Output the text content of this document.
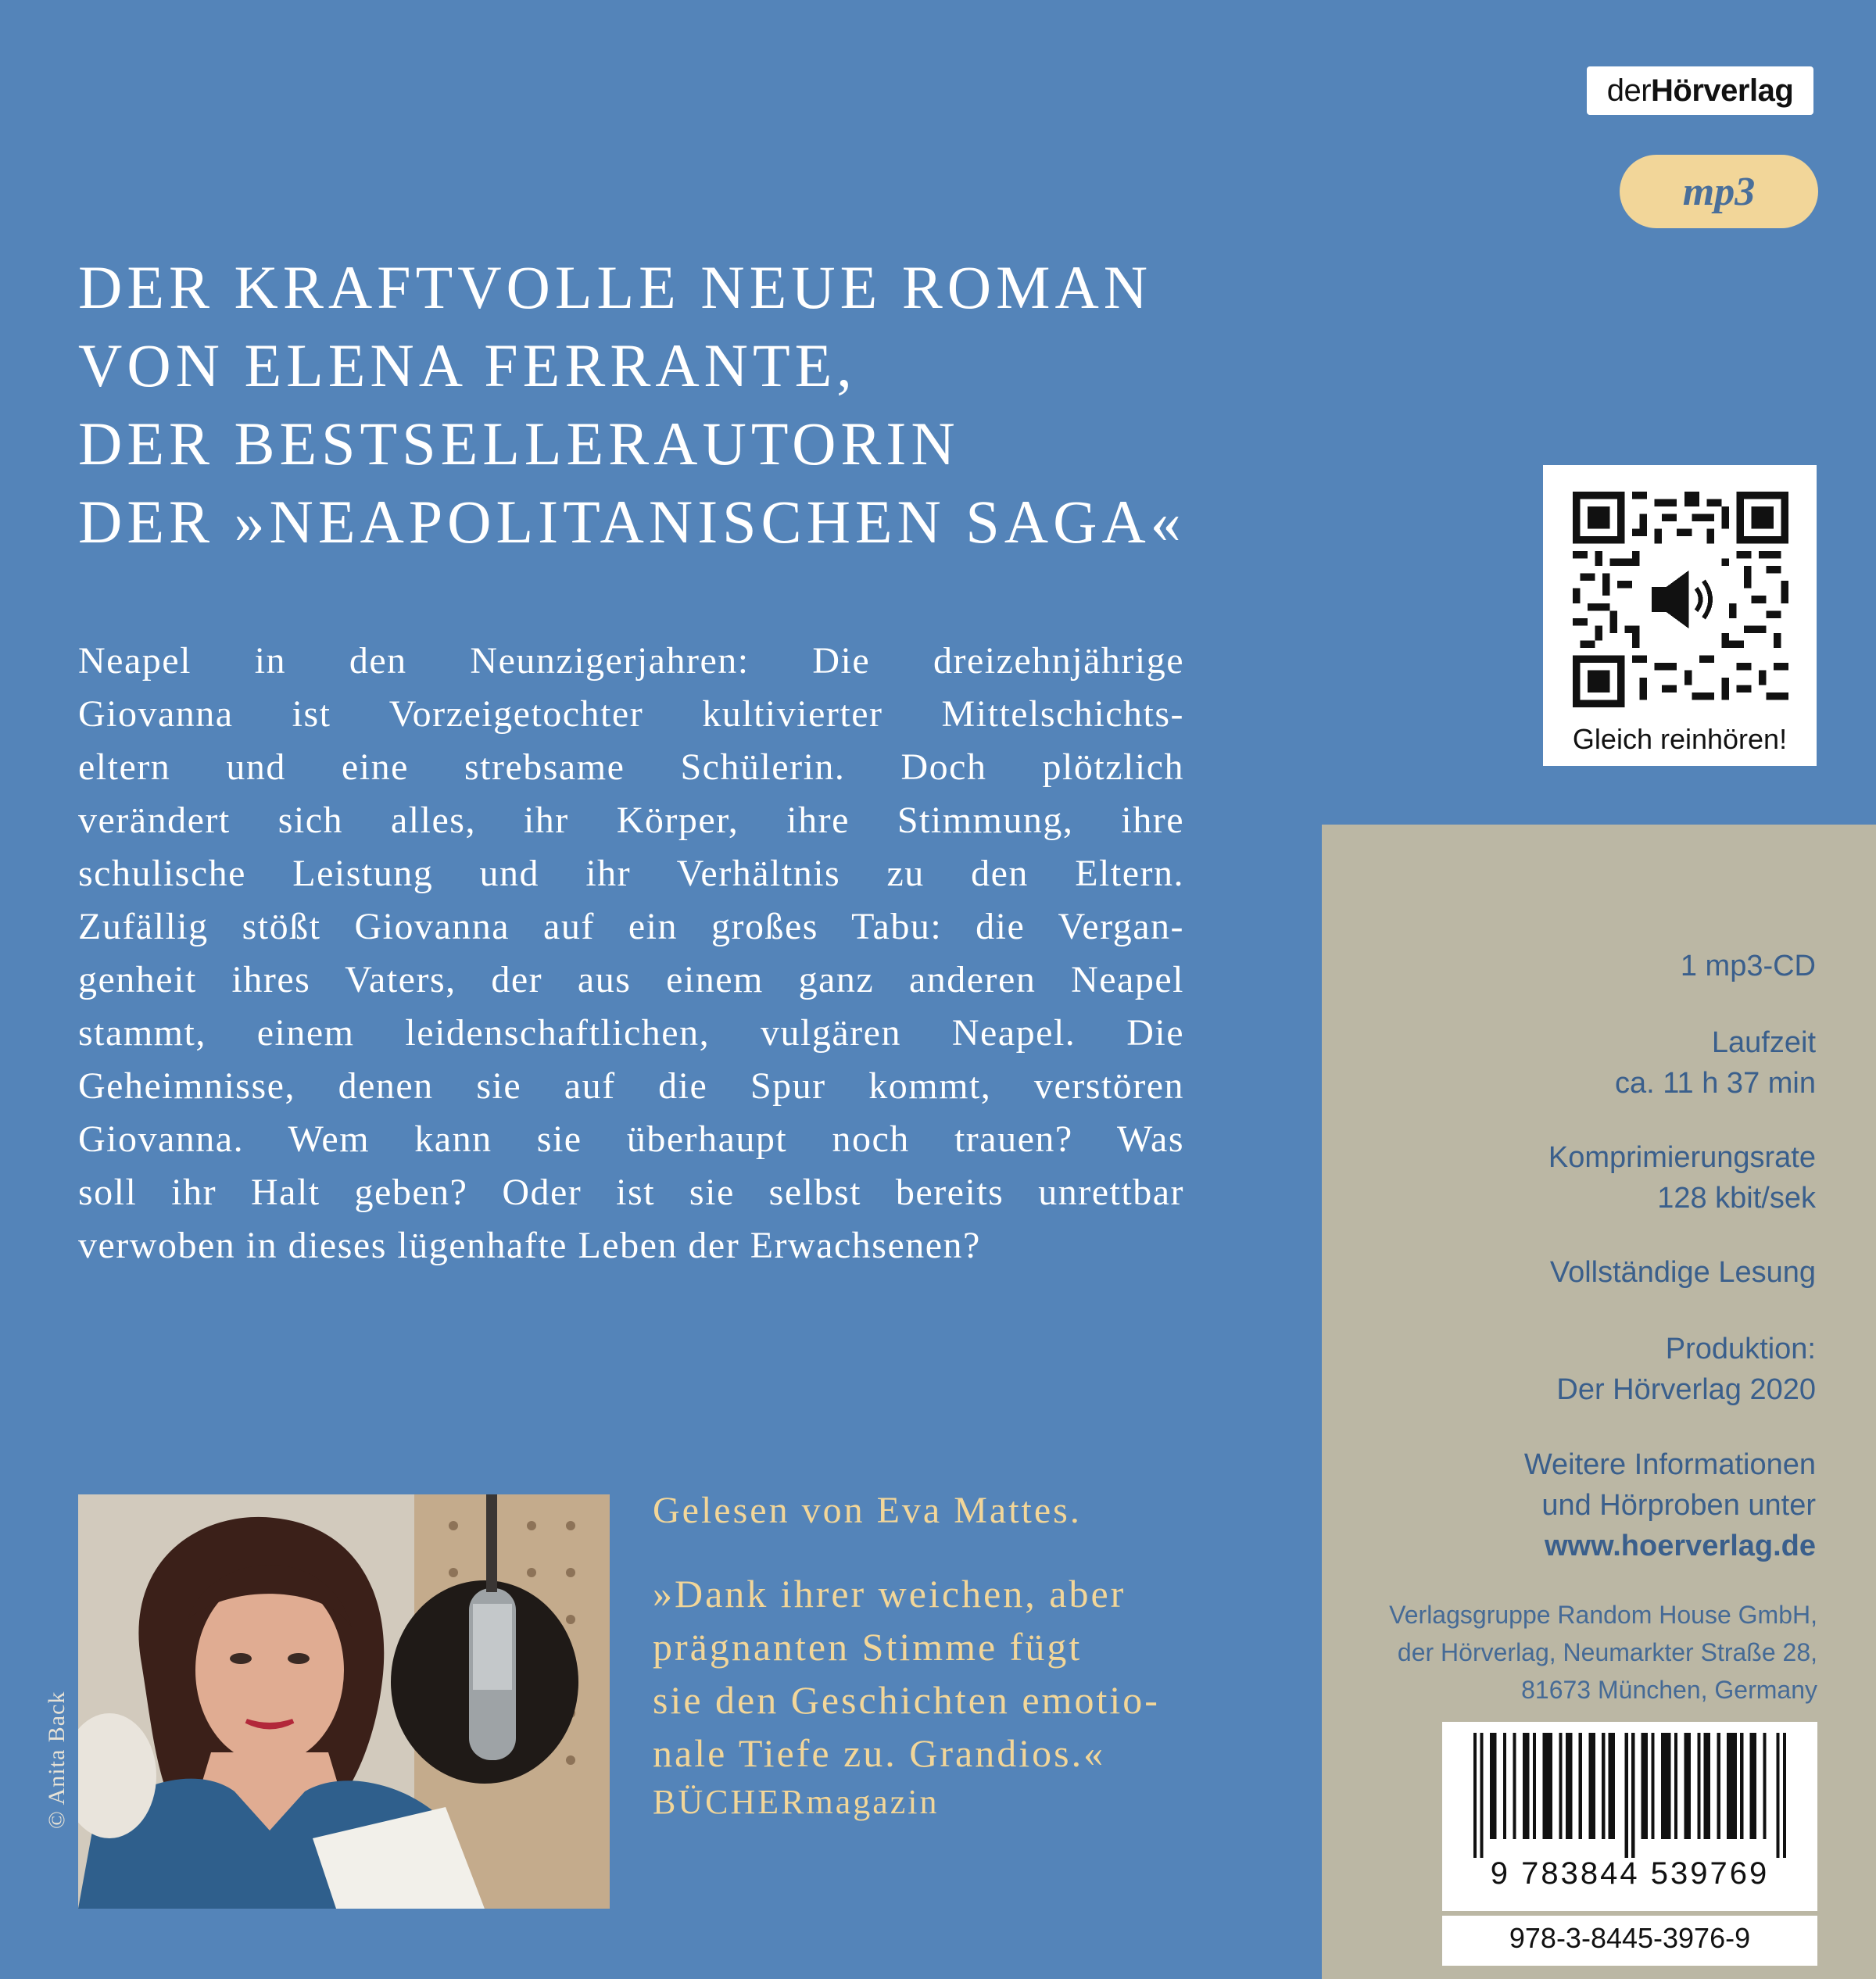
der Hörverlag
mp3
DER KRAFTVOLLE NEUE ROMAN
VON ELENA FERRANTE,
DER BESTSELLERAUTORIN
DER »NEAPOLITANISCHEN SAGA«
Neapel in den Neunzigerjahren: Die dreizehnjährige
Giovanna ist Vorzeigetochter kultivierter Mittelschichts-
eltern und eine strebsame Schülerin. Doch plötzlich
verändert sich alles, ihr Körper, ihre Stimmung, ihre
schulische Leistung und ihr Verhältnis zu den Eltern.
Zufällig stößt Giovanna auf ein großes Tabu: die Vergan-
genheit ihres Vaters, der aus einem ganz anderen Neapel
stammt, einem leidenschaftlichen, vulgären Neapel. Die
Geheimnisse, denen sie auf die Spur kommt, verstören
Giovanna. Wem kann sie überhaupt noch trauen? Was
soll ihr Halt geben? Oder ist sie selbst bereits unrettbar
verwoben in dieses lügenhafte Leben der Erwachsenen?
Gleich reinhören!
© Anita Back
Gelesen von Eva Mattes.
»Dank ihrer weichen, aber
prägnanten Stimme fügt
sie den Geschichten emotio-
nale Tiefe zu. Grandios.«
BÜCHERmagazin
1 mp3-CD
Laufzeit
ca. 11 h 37 min
Komprimierungsrate
128 kbit/sek
Vollständige Lesung
Produktion:
Der Hörverlag 2020
Weitere Informationen
und Hörproben unter
www.hoerverlag.de
Verlagsgruppe Random House GmbH,
der Hörverlag, Neumarkter Straße 28,
81673 München, Germany
9 783844 539769
978-3-8445-3976-9
